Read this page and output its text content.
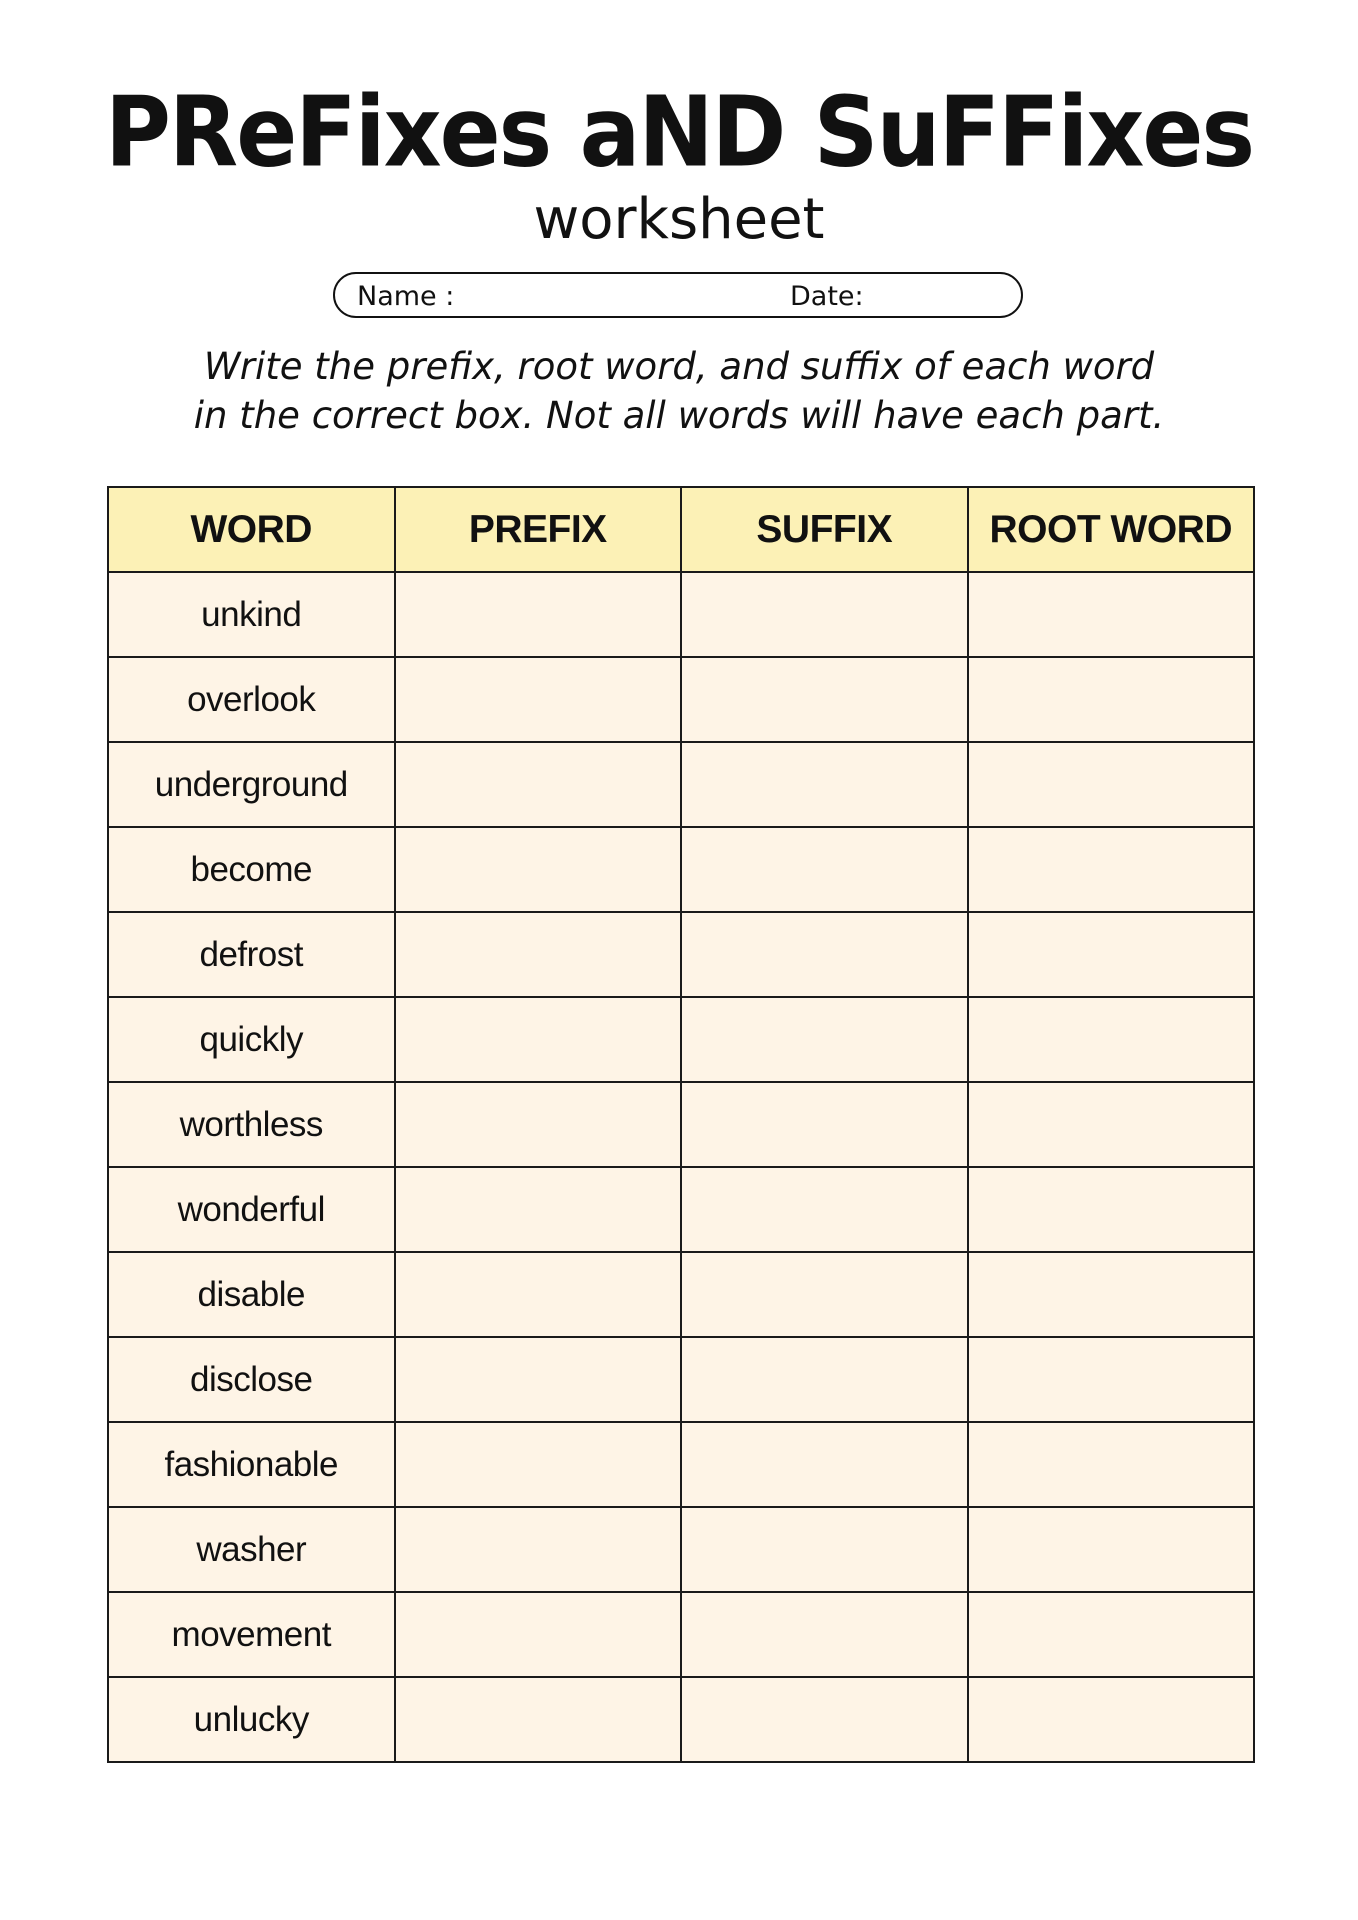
PReFixes aND SuFFixes
worksheet
Name :	Date:
Write the prefix, root word, and suffix of each word
in the correct box. Not all words will have each part.
WORD	PREFIX	SUFFIX	ROOT WORD
unkind			
overlook			
underground			
become			
defrost			
quickly			
worthless			
wonderful			
disable			
disclose			
fashionable			
washer			
movement			
unlucky			
